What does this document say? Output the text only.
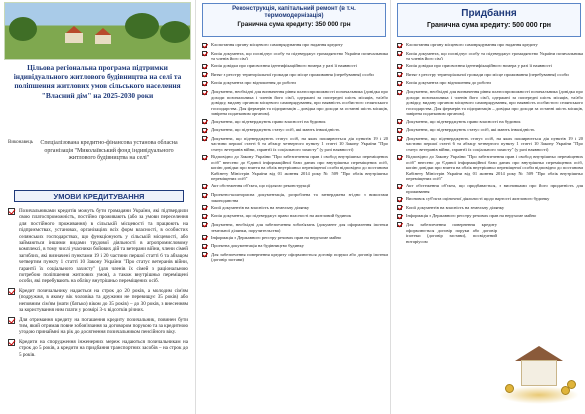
Цільова регіональна програма підтримки індивідуального житлового будівництва на селі та поліпшення житлових умов сільського населення "Власний дім" на 2025-2030 роки
Виконавець	Спеціалізована кредитно-фінансова установа обласна організація "Миколаївський фонд індивідуального житлового будівництва на селі"
УМОВИ КРЕДИТУВАННЯ
Позичальниками кредитів можуть бути громадяни України, які підтвердили свою платоспроможність, постійно проживають (або за умови переселення для постійного проживання) в сільській місцевості та працюють на підприємствах, установах, організаціях всіх форм власності, в особистих селянських господарствах, що функціонують у сільській місцевості, або займаються іншими видами трудової діяльності в агропромисловому комплексі, в тому числі учасники бойових дій та ветерани війни, члени сімей загиблих, які визначені пунктами 19 і 20 частини першої статті 6 та абзацом четвертим пункту 1 статті 10 Закону України "Про статус ветеранів війни, гарантії їх соціального захисту" (для членів їх сімей з раціональною потребою поліпшення житлових умов), а також внутрішньо переміщені особи, які перебувають на обліку внутрішньо переміщених осіб.
Кредит позичальнику надається на строк до 20 років, а молодим сім'ям (подружжя, в якому вік чоловіка та дружини не перевищує 35 років) або неповним сім'ям (мати (батько) віком до 35 років) – до 30 років, з внесенням за користування ним плати у розмірі 3-х відсотків річних.
Для отримання кредиту на погашення кредиту позичальник, повинен бути тим, який отримав повне зобов'язання за договором порукою та за кредитною угодою принаймні на рік до досягнення позичальником пенсійного віку.
Кредити на спорудження інженерних мереж надаються позичальникам на строк до 5 років, а кредити на придбання транспортних засобів – на строк до 5 років.
Реконструкція, капітальний ремонт (в т.ч. термомодернізація)
Гранична сума кредиту: 350 000 грн
Клопотання органу місцевого самоврядування про надання кредиту
Копія документа, що посвідчує особу та підтверджує громадянство України позичальника та членів його сім'ї
Копія довідки про присвоєння ідентифікаційного номера у разі її наявності
Витяг з реєстру територіальної громади про місце проживання (перебування) особи
Копія документа про відношення до роботи
Документи, необхідні для визначення рівня платоспроможності позичальника (довідка про доходи позичальника і членів його сім'ї, одержані за попередні шість місяців, та/або довідку, видану органом місцевого самоврядування, про наявність особистого селянського господарства. Для фермерів та підприємців – довідка про доходи за останні шість місяців, завірена податковим органом).
Документи, що підтверджують право власності на будинок
Документи, що підтверджують статус осіб, які мають інвалідність
Документи, що підтверджують статус осіб, на яких поширюється дія пунктів 19 і 20 частини першої статті 6 та абзацу четвертого пункту 1 статті 10 Закону України "Про статус ветеранів війни, гарантії їх соціального захисту" (у разі наявності)
Відповідно до Закону України "Про забезпечення прав і свобод внутрішньо переміщених осіб" внесено до Єдиної інформаційної бази даних про внутрішньо переміщених осіб, копію довідки про взяття на облік внутрішньо переміщеної особи відповідно до постанови Кабінету Міністрів України від 01 жовтня 2014 року № 509 "Про облік внутрішньо переміщених осіб"
Акт обстеження об'єкта, що підлягає реконструкції
Проектно-кошторисна документація, розроблена та затверджена згідно з вимогами законодавства
Копії документів на власність на земельну ділянку
Копія документа, що підтверджує право власності на житловий будинок
Документи, необхідні для забезпечення зобов'язань (документ для оформлення іпотеки земельної ділянки, поручительства)
Інформація з Державного реєстру речових прав на нерухоме майно
Проектна документація на будівництво будинку
Для забезпечення повернення кредиту оформлюється договір поруки або договір іпотеки (договір застави)
Придбання
Гранична сума кредиту: 500 000 грн
Клопотання органу місцевого самоврядування про надання кредиту
Копія документа, що посвідчує особу та підтверджує громадянство України позичальника та членів його сім'ї
Копія довідки про присвоєння ідентифікаційного номера у разі її наявності
Витяг з реєстру територіальної громади про місце проживання (перебування) особи
Копія документа про відношення до роботи
Документи, необхідні для визначення рівня платоспроможності позичальника (довідка про доходи позичальника і членів його сім'ї, одержані за попередні шість місяців, та/або довідку, видану органом місцевого самоврядування, про наявність особистого селянського господарства. Для фермерів та підприємців – довідка про доходи за останні шість місяців, завірена податковим органом).
Документи, що підтверджують право власності на будинок
Документи, що підтверджують статус осіб, які мають інвалідність
Документи, що підтверджують статус осіб, на яких поширюється дія пунктів 19 і 20 частини першої статті 6 та абзацу четвертого пункту 1 статті 10 Закону України "Про статус ветеранів війни, гарантії їх соціального захисту" (у разі наявності)
Відповідно до Закону України "Про забезпечення прав і свобод внутрішньо переміщених осіб" внесено до Єдиної інформаційної бази даних про внутрішньо переміщених осіб, копію довідки про взяття на облік внутрішньо переміщеної особи відповідно до постанови Кабінету Міністрів України від 01 жовтня 2014 року № 509 "Про облік внутрішньо переміщених осіб"
Акт обстеження об'єкта, що придбавається, з висновками про його придатність для проживання
Висновок суб'єкта оціночної діяльності щодо вартості житлового будинку
Копії документів на власність на земельну ділянку
Інформація з Державного реєстру речових прав на нерухоме майно
Для забезпечення повернення кредиту оформлюється договір поруки або договір іпотеки (договір застави), посвідчений нотаріусом
